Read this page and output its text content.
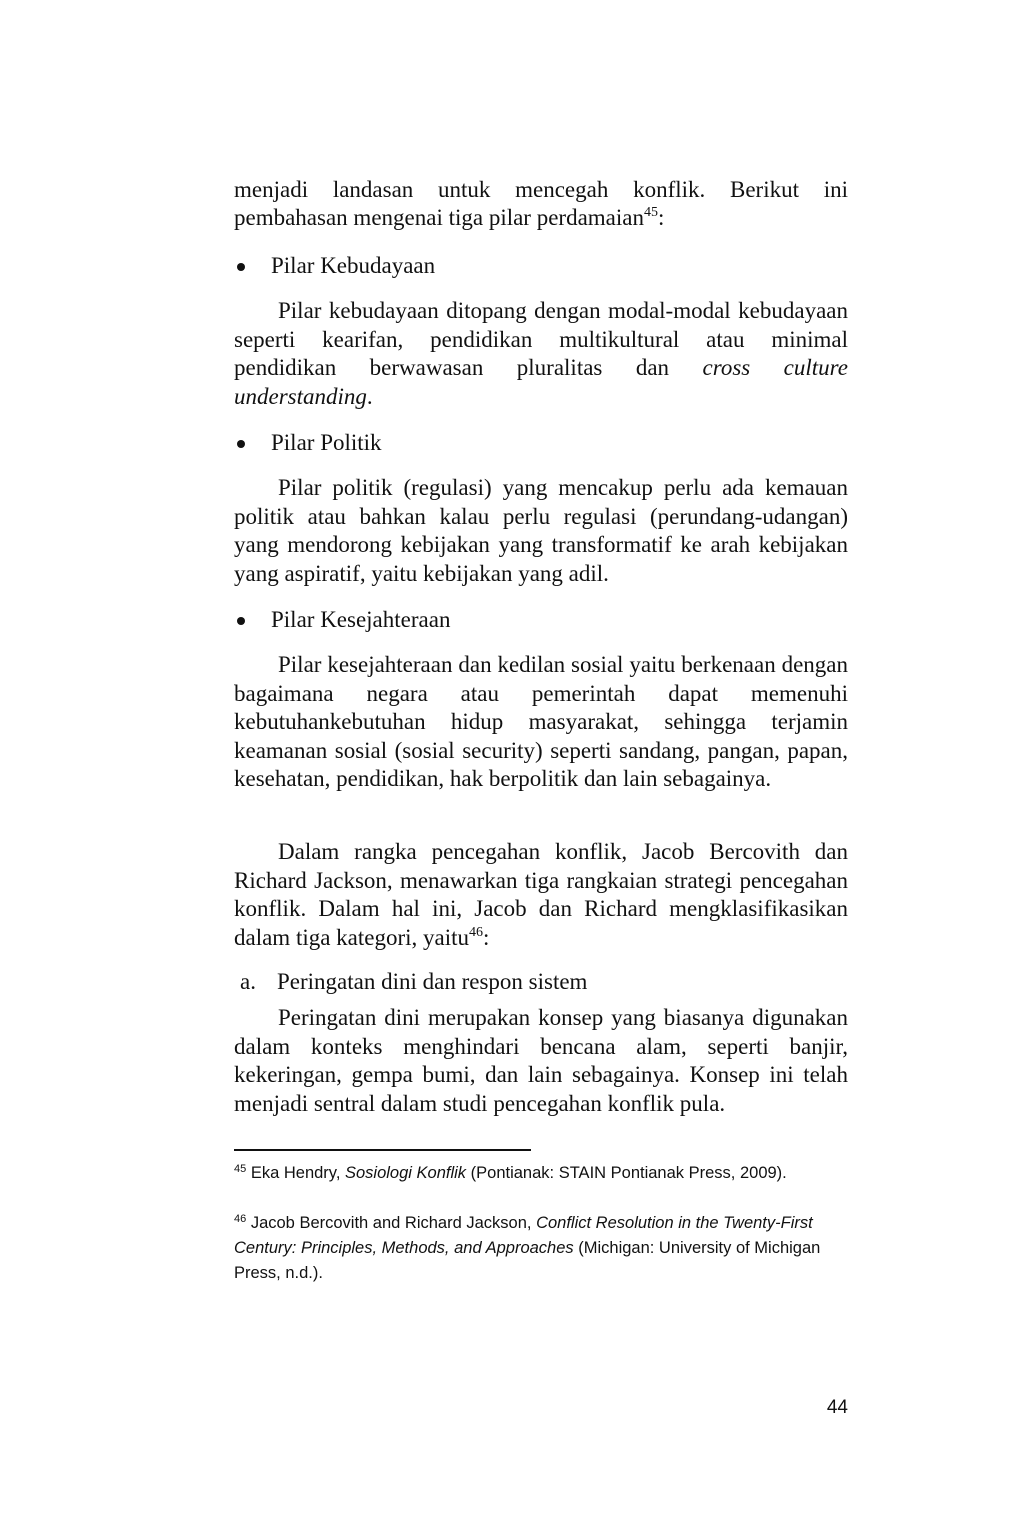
menjadi landasan untuk mencegah konflik. Berikut ini
pembahasan mengenai tiga pilar perdamaian$^{45}$:
Pilar Kebudayaan
Pilar kebudayaan ditopang dengan modal-modal kebudayaan seperti kearifan, pendidikan multikultural atau minimal pendidikan berwawasan pluralitas dan cross culture understanding.
Pilar Politik
Pilar politik (regulasi) yang mencakup perlu ada kemauan politik atau bahkan kalau perlu regulasi (perundang-udangan) yang mendorong kebijakan yang transformatif ke arah kebijakan yang aspiratif, yaitu kebijakan yang adil.
Pilar Kesejahteraan
Pilar kesejahteraan dan kedilan sosial yaitu berkenaan dengan bagaimana negara atau pemerintah dapat memenuhi kebutuhankebutuhan hidup masyarakat, sehingga terjamin keamanan sosial (sosial security) seperti sandang, pangan, papan, kesehatan, pendidikan, hak berpolitik dan lain sebagainya.
Dalam rangka pencegahan konflik, Jacob Bercovith dan Richard Jackson, menawarkan tiga rangkaian strategi pencegahan konflik. Dalam hal ini, Jacob dan Richard mengklasifikasikan dalam tiga kategori, yaitu$^{46}$:
a. Peringatan dini dan respon sistem
Peringatan dini merupakan konsep yang biasanya digunakan dalam konteks menghindari bencana alam, seperti banjir, kekeringan, gempa bumi, dan lain sebagainya. Konsep ini telah menjadi sentral dalam studi pencegahan konflik pula.
$^{45}$ Eka Hendry, Sosiologi Konflik (Pontianak: STAIN Pontianak Press, 2009).
$^{46}$ Jacob Bercovith and Richard Jackson, Conflict Resolution in the Twenty-First Century: Principles, Methods, and Approaches (Michigan: University of Michigan Press, n.d.).
44
